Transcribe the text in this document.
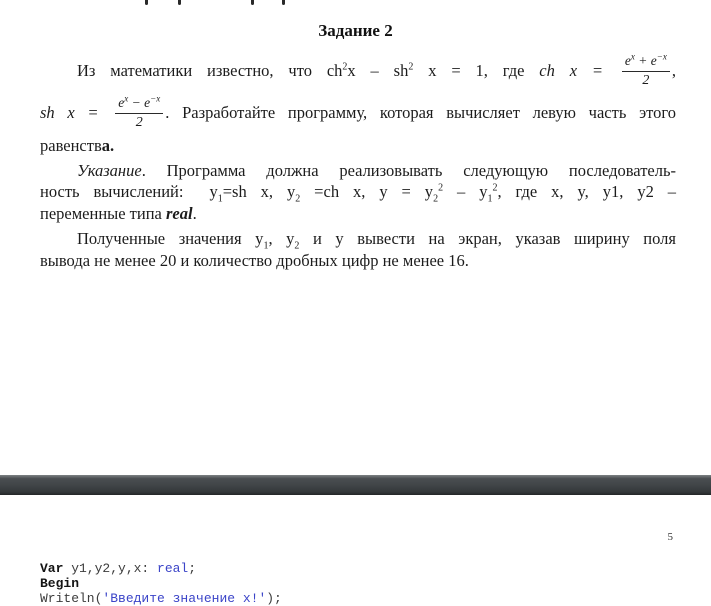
Задание 2
Из математики известно, что $ch^2x - sh^2$ x = 1, где ch $x = \frac{e^x + e^{-x}}{2}$ ,
sh $x = \frac{e^x - e^{-x}}{2}$ . Разработайте программу, которая вычисляет левую часть этого
равенства.
Указание. Программа должна реализовывать следующую последователь-
ность вычислений: $y_1=sh$ x, $y_2 =ch$ x, $y = y_2^2 - y_1^2$, где x, y, y1, y2 –
переменные типа real.
Полученные значения $y_1$, $y_2$ и y вывести на экран, указав ширину поля
вывода не менее 20 и количество дробных цифр не менее 16.
5
Var y1,y2,y,x: real;
Begin
Writeln('Введите значение x!');
